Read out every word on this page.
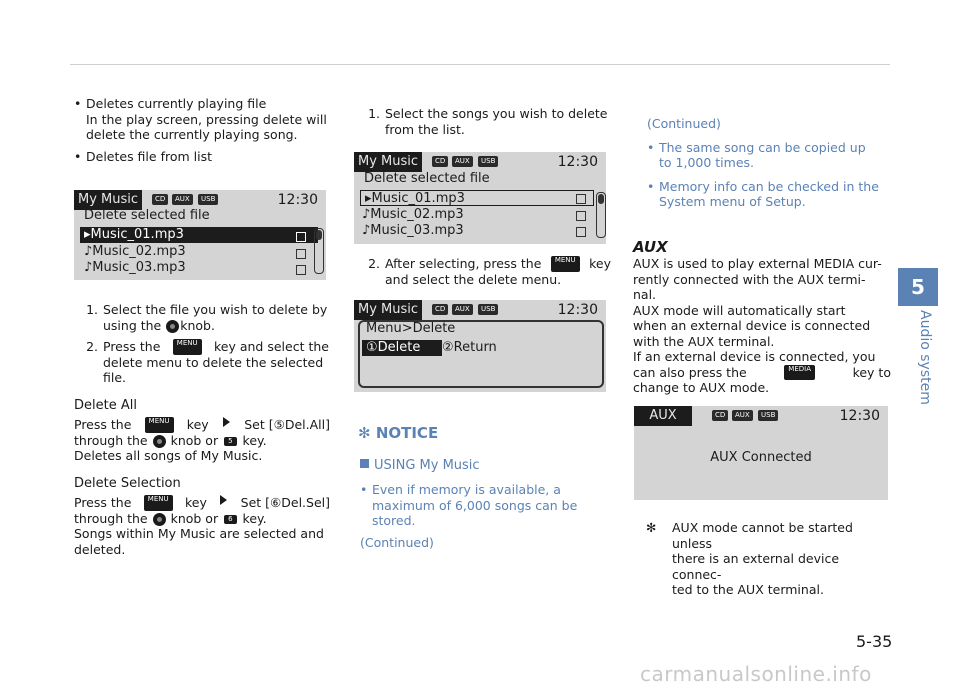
• Deletes currently playing file
In the play screen, pressing delete will
delete the currently playing song.
• Deletes file from list
My Music	CD	AUX	USB	12:30
Delete selected file
▸Music_01.mp3
♪Music_02.mp3
♪Music_03.mp3
1. Select the file you wish to delete by
using the knob.
2. Press the	MENU	key and select the
delete menu to delete the selected
file.
Delete All
Press the	MENU	key	Set [⑤Del.All]
through the knob or 5 key.
Deletes all songs of My Music.
Delete Selection
Press the	MENU	key	Set [⑥Del.Sel]
through the knob or 6 key.
Songs within My Music are selected and
deleted.
1. Select the songs you wish to delete
from the list.
My Music	CD	AUX	USB	12:30
Delete selected file
▸Music_01.mp3
♪Music_02.mp3
♪Music_03.mp3
2. After selecting, press the	MENU	key
and select the delete menu.
My Music	CD	AUX	USB	12:30
Menu>Delete
①Delete	②Return
✻ NOTICE
USING My Music
• Even if memory is available, a
maximum of 6,000 songs can be
stored.
(Continued)
(Continued)
• The same song can be copied up
to 1,000 times.
• Memory info can be checked in the
System menu of Setup.
AUX
AUX is used to play external MEDIA cur-
rently connected with the AUX termi-
nal.
AUX mode will automatically start
when an external device is connected
with the AUX terminal.
If an external device is connected, you
can also press the	MEDIA	key to
change to AUX mode.
AUX	CD	AUX	USB	12:30
AUX Connected
✻	AUX mode cannot be started unless
there is an external device connec-
ted to the AUX terminal.
5
Audio system
5-35
carmanualsonline.info
